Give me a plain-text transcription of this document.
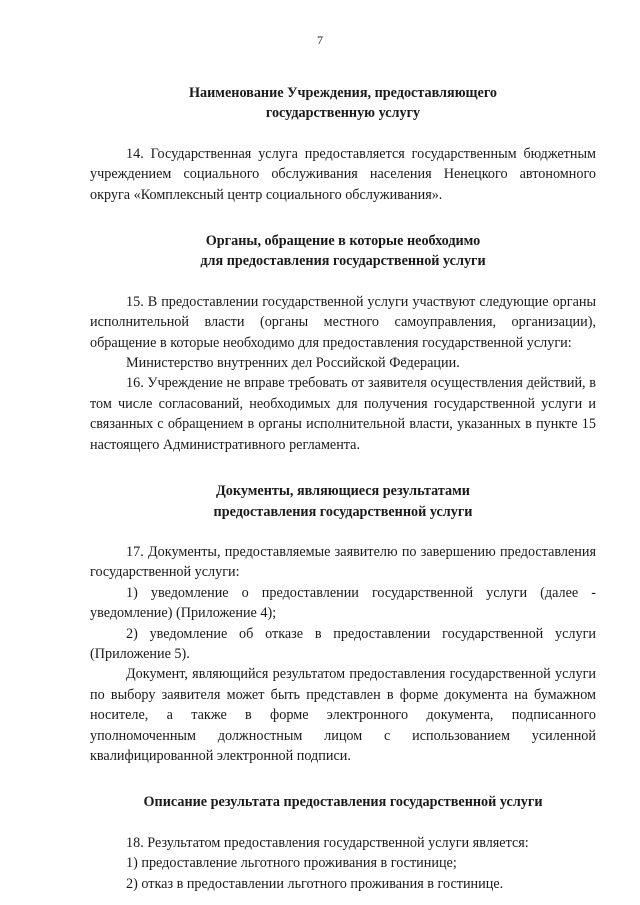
7
Наименование Учреждения, предоставляющего
государственную услугу

14. Государственная услуга предоставляется государственным бюджетным учреждением социального обслуживания населения Ненецкого автономного округа «Комплексный центр социального обслуживания».

Органы, обращение в которые необходимо
для предоставления государственной услуги

15. В предоставлении государственной услуги участвуют следующие органы исполнительной власти (органы местного самоуправления, организации), обращение в которые необходимо для предоставления государственной услуги:

Министерство внутренних дел Российской Федерации.

16. Учреждение не вправе требовать от заявителя осуществления действий, в том числе согласований, необходимых для получения государственной услуги и связанных с обращением в органы исполнительной власти, указанных в пункте 15 настоящего Административного регламента.

Документы, являющиеся результатами
предоставления государственной услуги

17. Документы, предоставляемые заявителю по завершению предоставления государственной услуги:

1) уведомление о предоставлении государственной услуги (далее - уведомление) (Приложение 4);

2) уведомление об отказе в предоставлении государственной услуги (Приложение 5).

Документ, являющийся результатом предоставления государственной услуги по выбору заявителя может быть представлен в форме документа на бумажном носителе, а также в форме электронного документа, подписанного уполномоченным должностным лицом с использованием усиленной квалифицированной электронной подписи.

Описание результата предоставления государственной услуги

18. Результатом предоставления государственной услуги является:

1) предоставление льготного проживания в гостинице;

2) отказ в предоставлении льготного проживания в гостинице.
